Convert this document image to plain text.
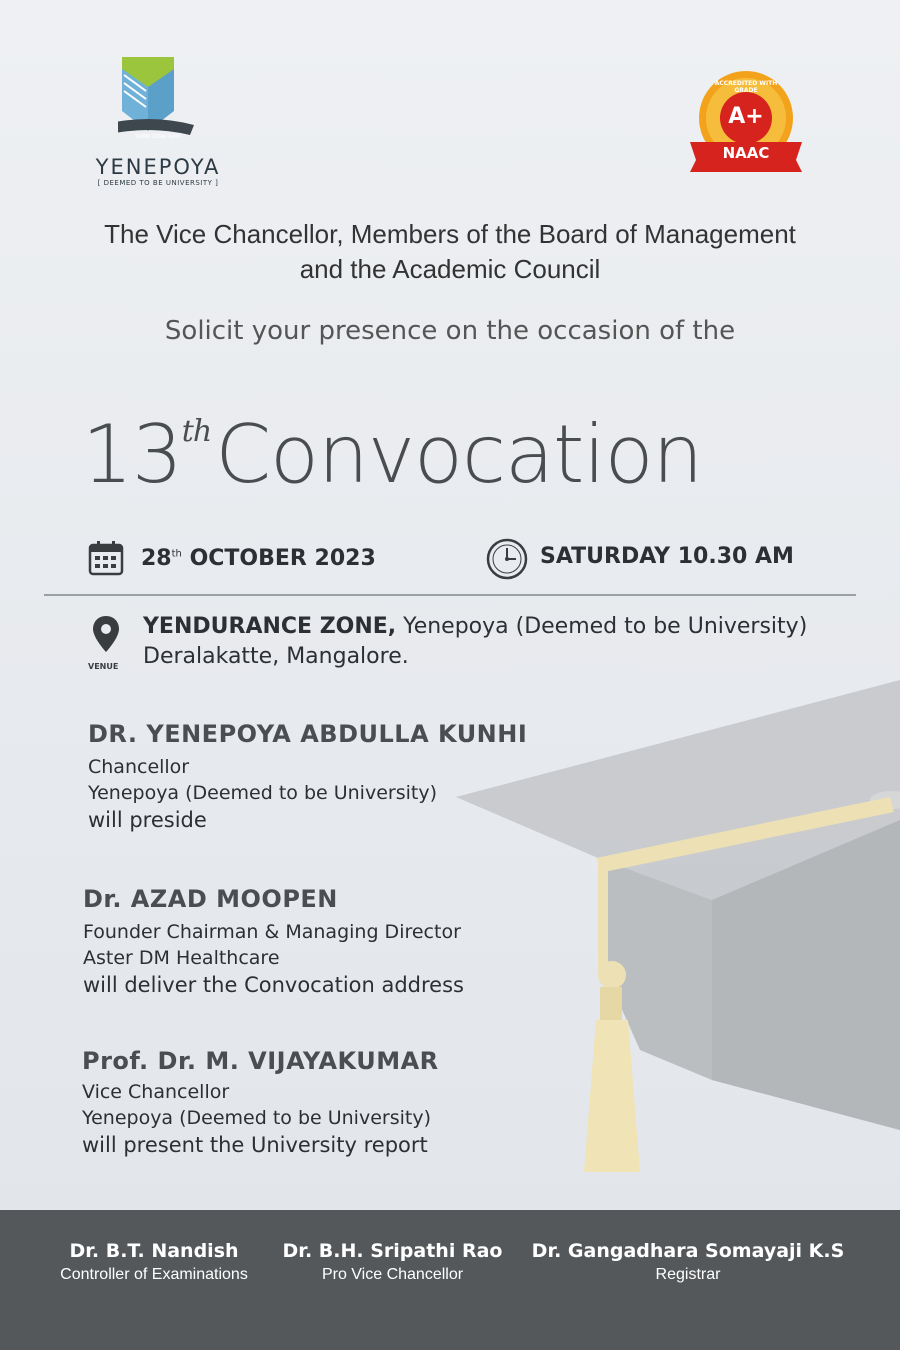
RABBI ZIDNI 'ILMA
YENEPOYA
[ DEEMED TO BE UNIVERSITY ]
A+
ACCREDITED WITH GRADE
NAAC
The Vice Chancellor, Members of the Board of Management
and the Academic Council
Solicit your presence on the occasion of the
13thConvocation
28th OCTOBER 2023	SATURDAY 10.30 AM
VENUE
YENDURANCE ZONE, Yenepoya (Deemed to be University)
Deralakatte, Mangalore.
DR. YENEPOYA ABDULLA KUNHI
Chancellor
Yenepoya (Deemed to be University)
will preside
Dr. AZAD MOOPEN
Founder Chairman & Managing Director
Aster DM Healthcare
will deliver the Convocation address
Prof. Dr. M. VIJAYAKUMAR
Vice Chancellor
Yenepoya (Deemed to be University)
will present the University report
Dr. B.T. Nandish
Controller of Examinations
Dr. B.H. Sripathi Rao
Pro Vice Chancellor
Dr. Gangadhara Somayaji K.S
Registrar
